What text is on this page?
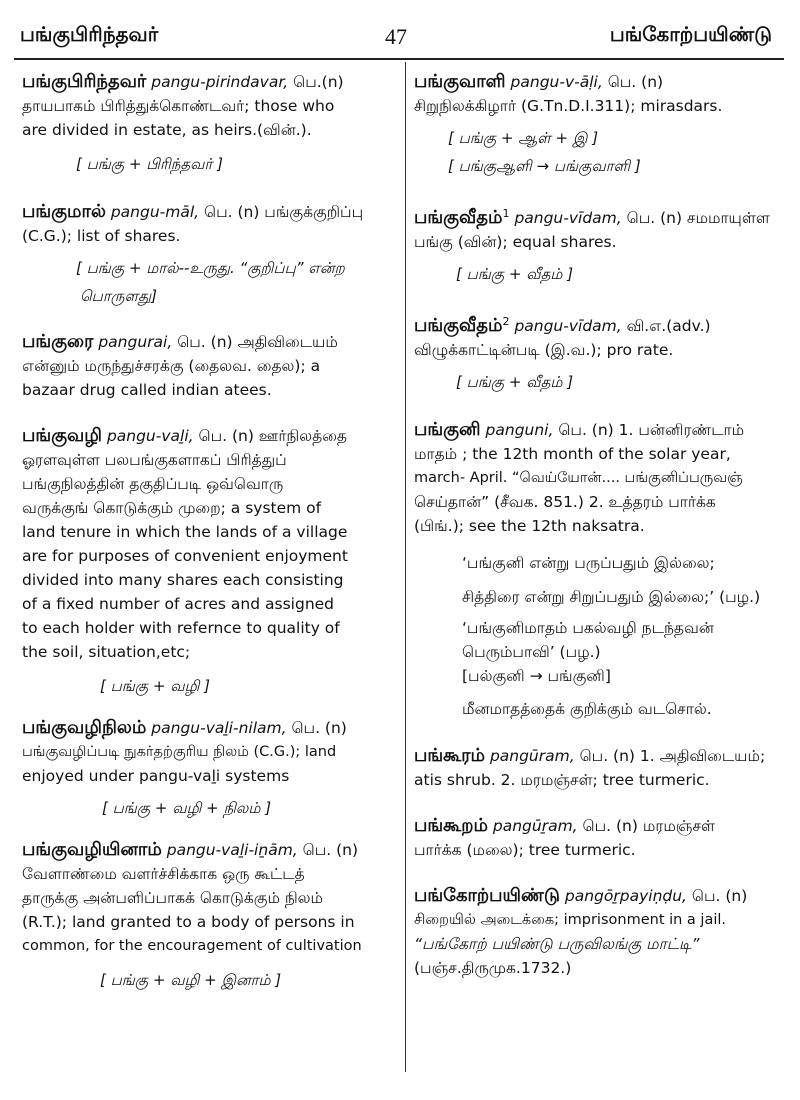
பங்குபிரிந்தவர்	47	பங்கோற்பயிண்டு
பங்குபிரிந்தவர் pangu-pirindavar, பெ.(n)
தாயபாகம் பிரித்துக்கொண்டவர்; those who
are divided in estate, as heirs.(வின்.).
[ பங்கு + பிரிந்தவர் ]
பங்குமால் pangu-māl, பெ. (n) பங்குக்குறிப்பு
(C.G.); list of shares.
[ பங்கு + மால்--உருது. “குறிப்பு” என்ற
பொருளது]
பங்குரை pangurai, பெ. (n) அதிவிடையம்
என்னும் மருந்துச்சரக்கு (தைலவ. தைல); a
bazaar drug called indian atees.
பங்குவழி pangu-vaḻi, பெ. (n) ஊர்நிலத்தை
ஓரளவுள்ள பலபங்குகளாகப் பிரித்துப்
பங்குநிலத்தின் தகுதிப்படி ஒவ்வொரு
வருக்குங் கொடுக்கும் முறை; a system of
land tenure in which the lands of a village
are for purposes of convenient enjoyment
divided into many shares each consisting
of a fixed number of acres and assigned
to each holder with refernce to quality of
the soil, situation,etc;
[ பங்கு + வழி ]
பங்குவழிநிலம் pangu-vaḻi-nilam, பெ. (n)
பங்குவழிப்படி நுகர்தற்குரிய நிலம் (C.G.); land
enjoyed under pangu-vaḻi systems
[ பங்கு + வழி + நிலம் ]
பங்குவழியினாம் pangu-vaḻi-iṉām, பெ. (n)
வேளாண்மை வளர்ச்சிக்காக ஒரு கூட்டத்
தாருக்கு அன்பளிப்பாகக் கொடுக்கும் நிலம்
(R.T.); land granted to a body of persons in
common, for the encouragement of cultivation
[ பங்கு + வழி + இனாம் ]
பங்குவாளி pangu-v-āḷi, பெ. (n)
சிறுநிலக்கிழார் (G.Tn.D.I.311); mirasdars.
[ பங்கு + ஆள் + இ ]
[ பங்குஆளி → பங்குவாளி ]
பங்குவீதம்$^1$ pangu-vīdam, பெ. (n) சமமாயுள்ள
பங்கு (வின்); equal shares.
[ பங்கு + வீதம் ]
பங்குவீதம்$^2$ pangu-vīdam, வி.எ.(adv.)
விழுக்காட்டின்படி (இ.வ.); pro rate.
[ பங்கு + வீதம் ]
பங்குனி panguni, பெ. (n) 1. பன்னிரண்டாம்
மாதம் ; the 12th month of the solar year,
march- April. “வெய்யோன்.... பங்குனிப்பருவஞ்
செய்தான்” (சீவக. 851.) 2. உத்தரம் பார்க்க
(பிங்.); see the 12th naksatra.
‘பங்குனி என்று பருப்பதும் இல்லை;
சித்திரை என்று சிறுப்பதும் இல்லை;’ (பழ.)
‘பங்குனிமாதம் பகல்வழி நடந்தவன்
பெரும்பாவி’ (பழ.)
[பல்குனி → பங்குனி]
மீனமாதத்தைக் குறிக்கும் வடசொல்.
பங்கூரம் pangūram, பெ. (n) 1. அதிவிடையம்;
atis shrub. 2. மரமஞ்சள்; tree turmeric.
பங்கூறம் pangūṟam, பெ. (n) மரமஞ்சள்
பார்க்க (மலை); tree turmeric.
பங்கோற்பயிண்டு pangōṟpayiṇḍu, பெ. (n)
சிறையில் அடைக்கை; imprisonment in a jail.
“பங்கோற் பயிண்டு பருவிலங்கு மாட்டி”
(பஞ்ச.திருமுக.1732.)
